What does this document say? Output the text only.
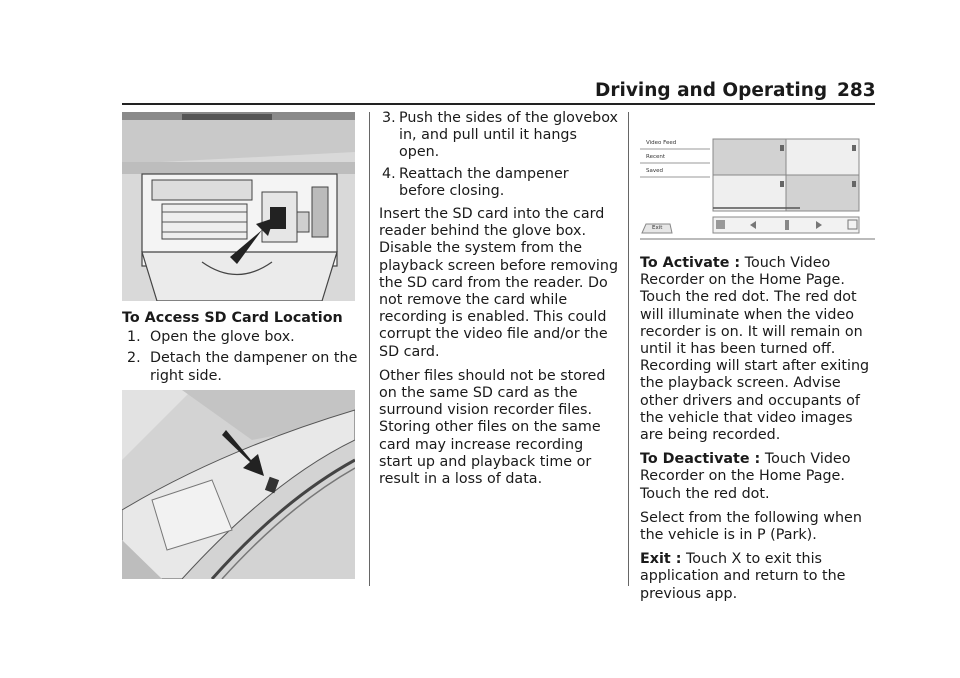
Driving and Operating 283
To Access SD Card Location
1. Open the glove box.
2. Detach the dampener on the right side.
3. Push the sides of the glovebox in, and pull until it hangs open.
4. Reattach the dampener before closing.
Insert the SD card into the card reader behind the glove box. Disable the system from the playback screen before removing the SD card from the reader. Do not remove the card while recording is enabled. This could corrupt the video file and/or the SD card.
Other files should not be stored on the same SD card as the surround vision recorder files. Storing other files on the same card may increase recording start up and playback time or result in a loss of data.
Video Feed
Recent
Saved
Exit
To Activate : Touch Video Recorder on the Home Page. Touch the red dot. The red dot will illuminate when the video recorder is on. It will remain on until it has been turned off. Recording will start after exiting the playback screen. Advise other drivers and occupants of the vehicle that video images are being recorded.
To Deactivate : Touch Video Recorder on the Home Page. Touch the red dot.
Select from the following when the vehicle is in P (Park).
Exit : Touch X to exit this application and return to the previous app.
